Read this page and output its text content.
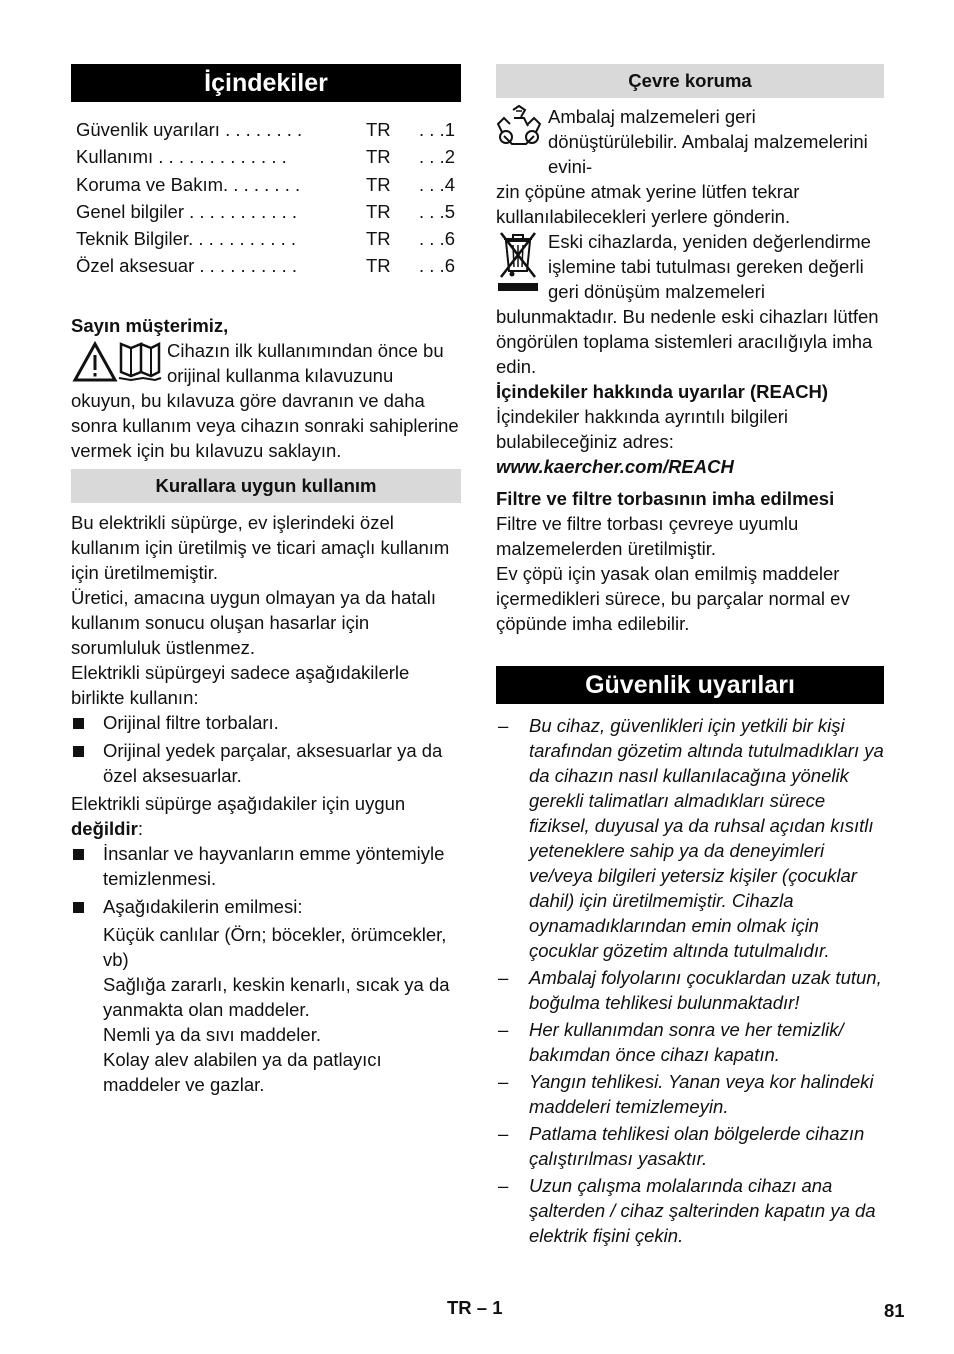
İçindekiler
Güvenlik uyarıları . . . . . . . .	TR	. . .1
Kullanımı . . . . . . . . . . . . .	TR	. . .2
Koruma ve Bakım. . . . . . . .	TR	. . .4
Genel bilgiler . . . . . . . . . . .	TR	. . .5
Teknik Bilgiler. . . . . . . . . . .	TR	. . .6
Özel aksesuar . . . . . . . . . .	TR	. . .6

Sayın müşterimiz,

Cihazın ilk kullanımından önce bu orijinal kullanma kılavuzunu

okuyun, bu kılavuza göre davranın ve daha sonra kullanım veya cihazın sonraki sahiplerine vermek için bu kılavuzu saklayın.

Kurallara uygun kullanım

Bu elektrikli süpürge, ev işlerindeki özel kullanım için üretilmiş ve ticari amaçlı kullanım için üretilmemiştir.

Üretici, amacına uygun olmayan ya da hatalı kullanım sonucu oluşan hasarlar için sorumluluk üstlenmez.

Elektrikli süpürgeyi sadece aşağıdakilerle birlikte kullanın:

Orijinal filtre torbaları.
Orijinal yedek parçalar, aksesuarlar ya da özel aksesuarlar.

Elektrikli süpürge aşağıdakiler için uygun değildir:

İnsanlar ve hayvanların emme yöntemiyle temizlenmesi.
Aşağıdakilerin emilmesi:

Küçük canlılar (Örn; böcekler, örümcekler, vb)

Sağlığa zararlı, keskin kenarlı, sıcak ya da yanmakta olan maddeler.

Nemli ya da sıvı maddeler.

Kolay alev alabilen ya da patlayıcı maddeler ve gazlar.

Çevre koruma

Ambalaj malzemeleri geri dönüştürülebilir. Ambalaj malzemelerini evini-

zin çöpüne atmak yerine lütfen tekrar kullanılabilecekleri yerlere gönderin.

Eski cihazlarda, yeniden değerlendirme işlemine tabi tutulması gereken değerli geri dönüşüm malzemeleri

bulunmaktadır. Bu nedenle eski cihazları lütfen öngörülen toplama sistemleri aracılığıyla imha edin.

İçindekiler hakkında uyarılar (REACH)

İçindekiler hakkında ayrıntılı bilgileri bulabileceğiniz adres:

www.kaercher.com/REACH

Filtre ve filtre torbasının imha edilmesi

Filtre ve filtre torbası çevreye uyumlu malzemelerden üretilmiştir.

Ev çöpü için yasak olan emilmiş maddeler içermedikleri sürece, bu parçalar normal ev çöpünde imha edilebilir.

Güvenlik uyarıları
– Bu cihaz, güvenlikleri için yetkili bir kişi tarafından gözetim altında tutulmadıkları ya da cihazın nasıl kullanılacağına yönelik gerekli talimatları almadıkları sürece fiziksel, duyusal ya da ruhsal açıdan kısıtlı yeteneklere sahip ya da deneyimleri ve/veya bilgileri yetersiz kişiler (çocuklar dahil) için üretilmemiştir. Cihazla oynamadıklarından emin olmak için çocuklar gözetim altında tutulmalıdır.
– Ambalaj folyolarını çocuklardan uzak tutun, boğulma tehlikesi bulunmaktadır!
– Her kullanımdan sonra ve her temizlik/ bakımdan önce cihazı kapatın.
– Yangın tehlikesi. Yanan veya kor halindeki maddeleri temizlemeyin.
– Patlama tehlikesi olan bölgelerde cihazın çalıştırılması yasaktır.
– Uzun çalışma molalarında cihazı ana şalterden / cihaz şalterinden kapatın ya da elektrik fişini çekin.
TR – 1	81
